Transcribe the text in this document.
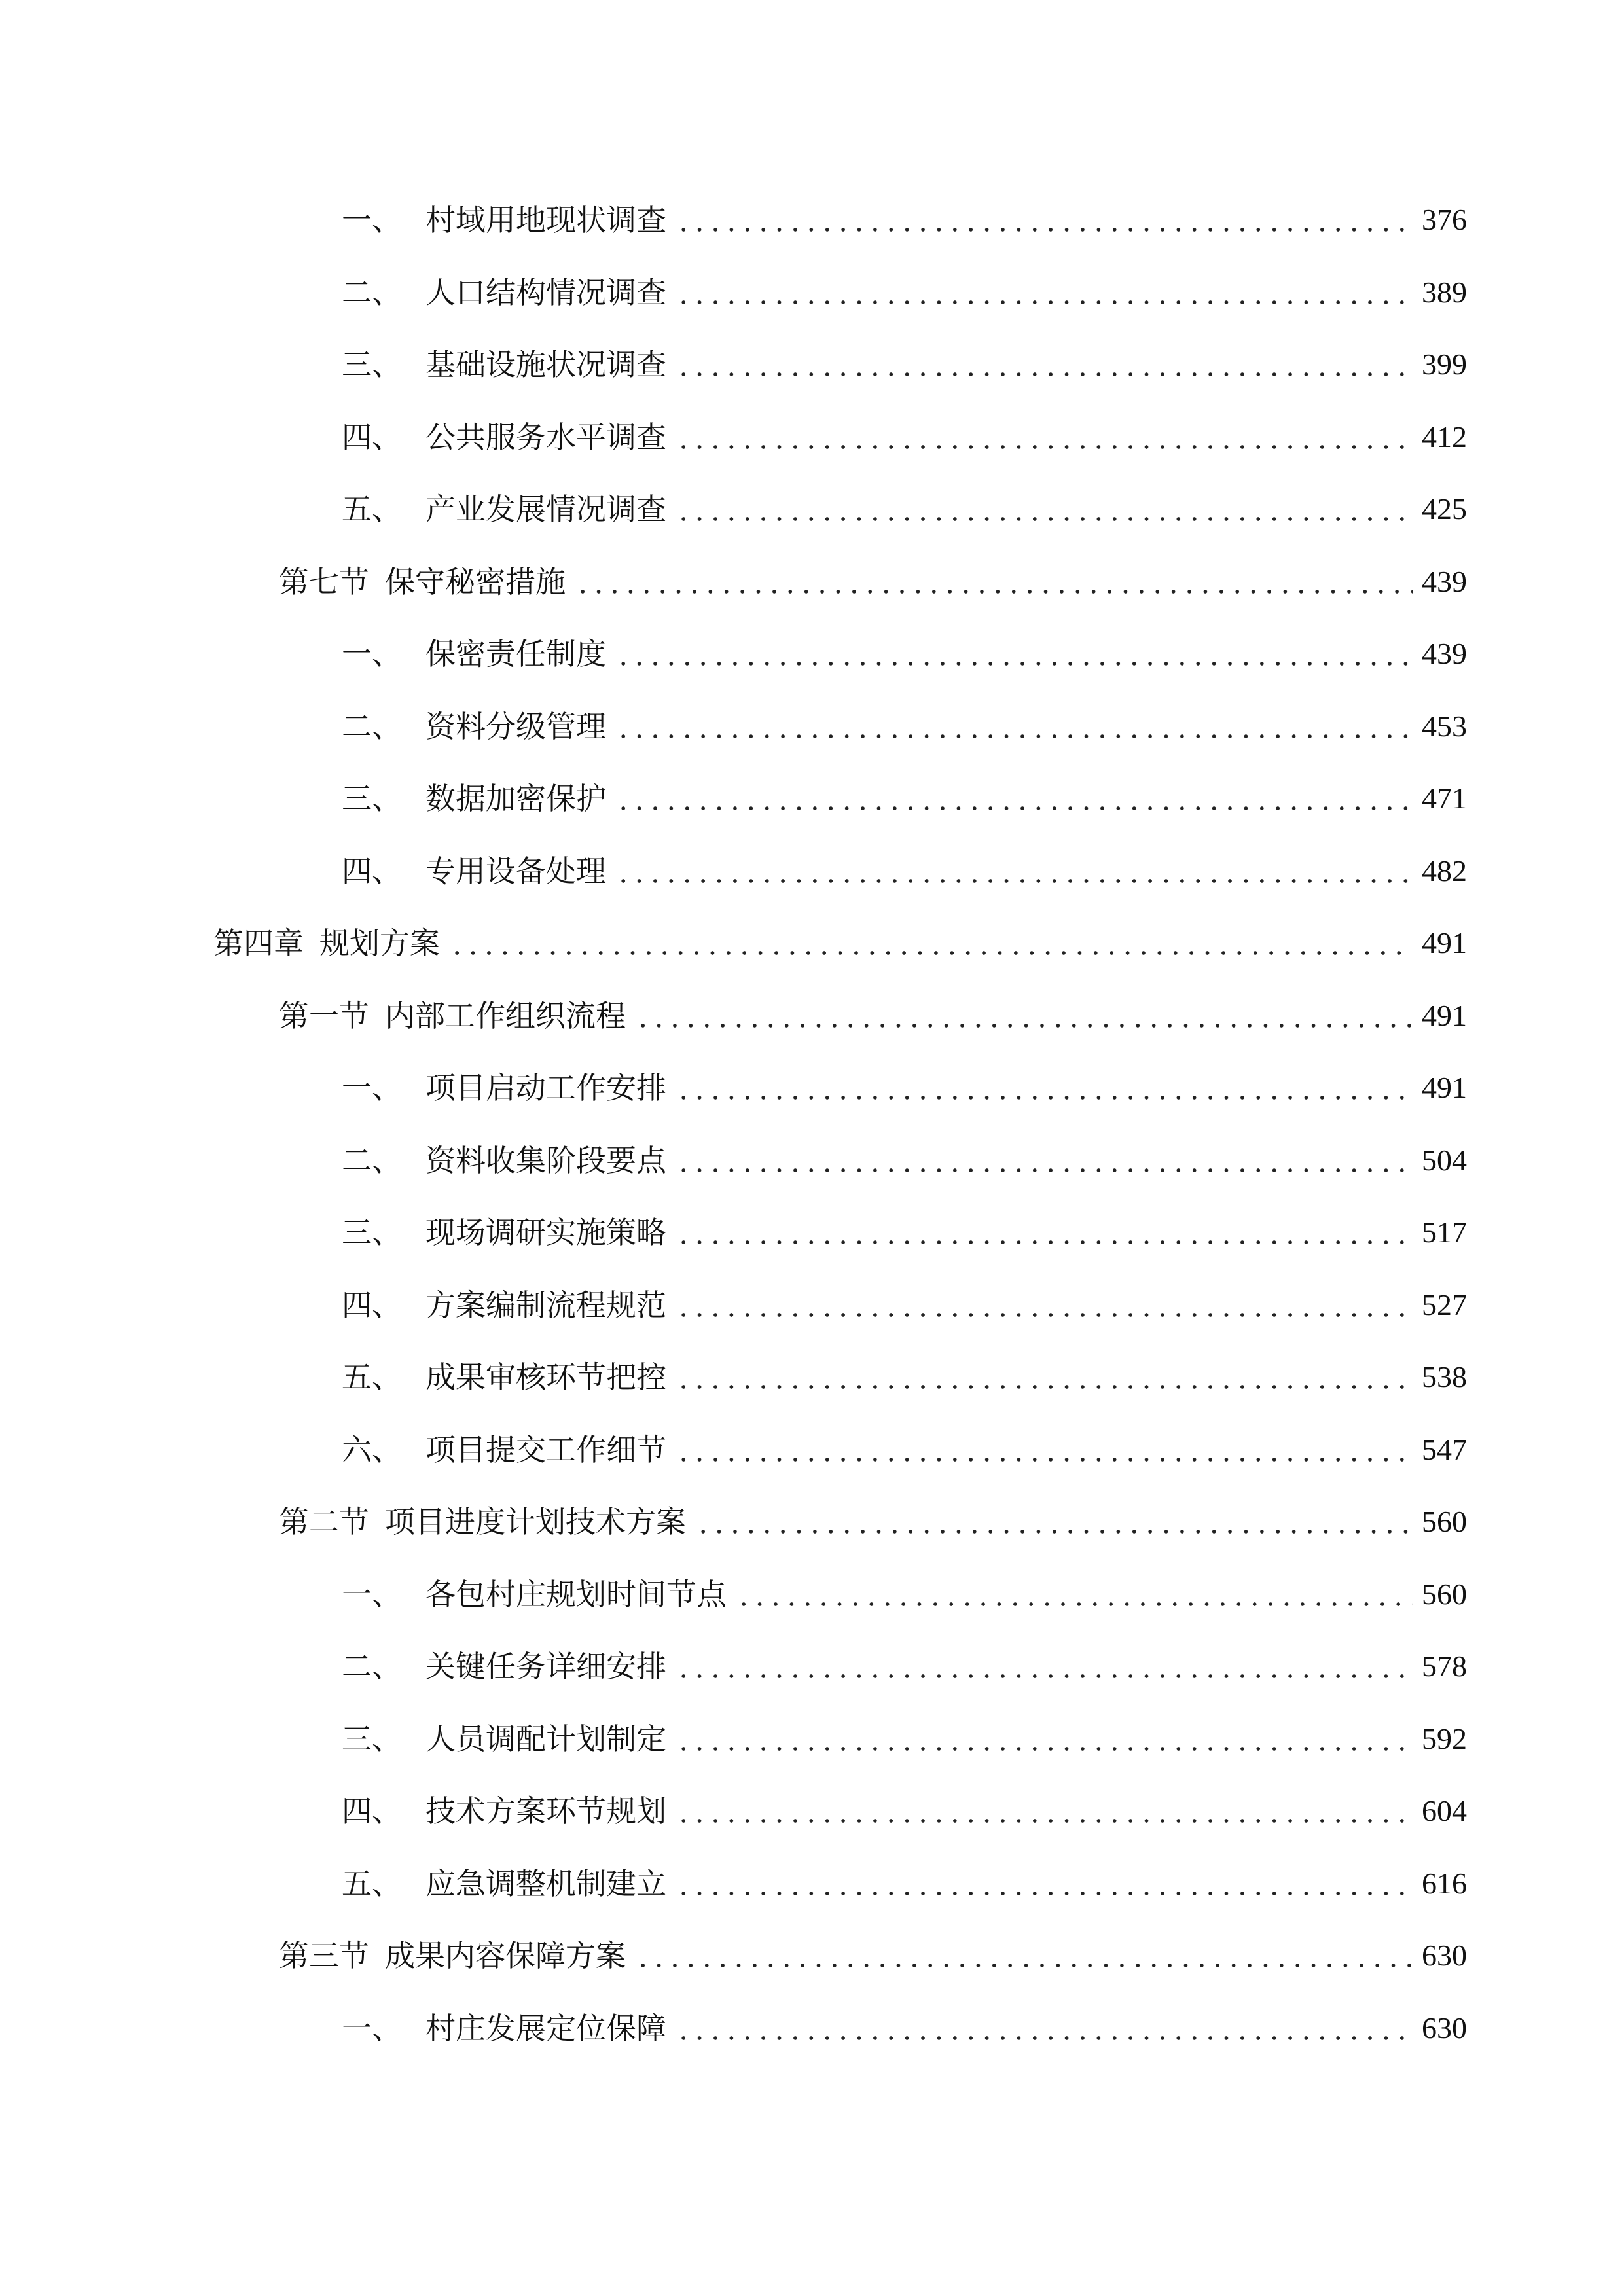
一、 村域用地现状调查	376
二、 人口结构情况调查	389
三、 基础设施状况调查	399
四、 公共服务水平调查	412
五、 产业发展情况调查	425
第七节 保守秘密措施	439
一、 保密责任制度	439
二、 资料分级管理	453
三、 数据加密保护	471
四、 专用设备处理	482
第四章 规划方案	491
第一节 内部工作组织流程	491
一、 项目启动工作安排	491
二、 资料收集阶段要点	504
三、 现场调研实施策略	517
四、 方案编制流程规范	527
五、 成果审核环节把控	538
六、 项目提交工作细节	547
第二节 项目进度计划技术方案	560
一、 各包村庄规划时间节点	560
二、 关键任务详细安排	578
三、 人员调配计划制定	592
四、 技术方案环节规划	604
五、 应急调整机制建立	616
第三节 成果内容保障方案	630
一、 村庄发展定位保障	630
